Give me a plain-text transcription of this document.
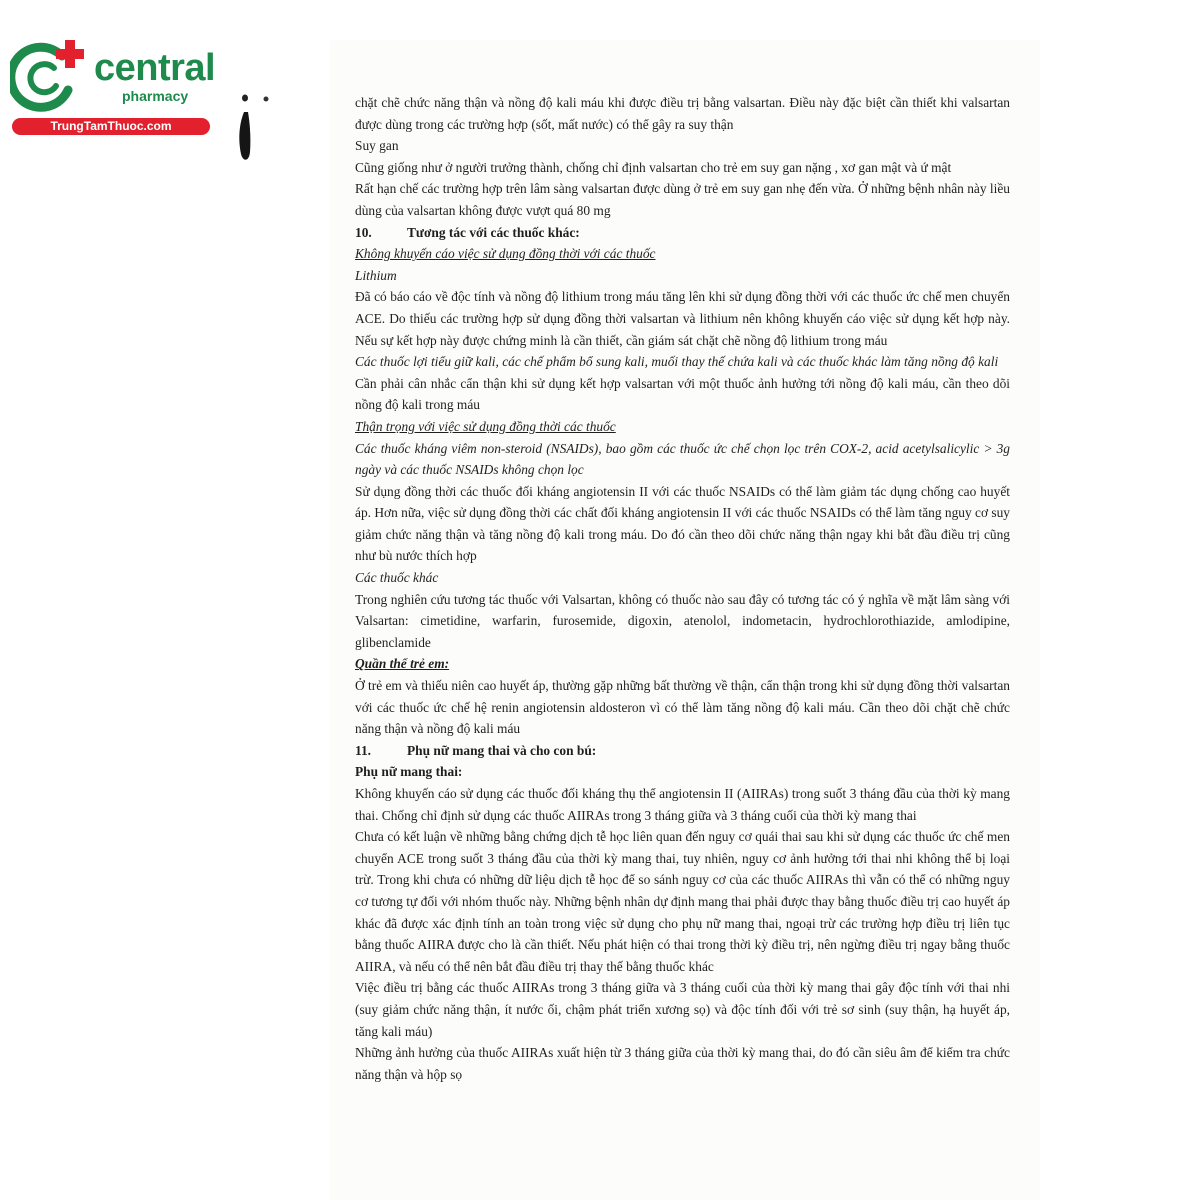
central
pharmacy
TrungTamThuoc.com

chặt chẽ chức năng thận và nồng độ kali máu khi được điều trị bằng valsartan. Điều này đặc biệt cần thiết khi valsartan được dùng trong các trường hợp (sốt, mất nước) có thể gây ra suy thận

Suy gan

Cũng giống như ở người trưởng thành, chống chỉ định valsartan cho trẻ em suy gan nặng , xơ gan mật và ứ mật

Rất hạn chế các trường hợp trên lâm sàng valsartan được dùng ở trẻ em suy gan nhẹ đến vừa. Ở những bệnh nhân này liều dùng của valsartan không được vượt quá 80 mg

10.	Tương tác với các thuốc khác:

Không khuyến cáo việc sử dụng đồng thời với các thuốc

Lithium

Đã có báo cáo về độc tính và nồng độ lithium trong máu tăng lên khi sử dụng đồng thời với các thuốc ức chế men chuyển ACE. Do thiếu các trường hợp sử dụng đồng thời valsartan và lithium nên không khuyến cáo việc sử dụng kết hợp này. Nếu sự kết hợp này được chứng minh là cần thiết, cần giám sát chặt chẽ nồng độ lithium trong máu

Các thuốc lợi tiểu giữ kali, các chế phẩm bổ sung kali, muối thay thế chứa kali và các thuốc khác làm tăng nồng độ kali

Cần phải cân nhắc cẩn thận khi sử dụng kết hợp valsartan với một thuốc ảnh hưởng tới nồng độ kali máu, cần theo dõi nồng độ kali trong máu

Thận trọng với việc sử dụng đồng thời các thuốc

Các thuốc kháng viêm non-steroid (NSAIDs), bao gồm các thuốc ức chế chọn lọc trên COX-2, acid acetylsalicylic > 3g ngày và các thuốc NSAIDs không chọn lọc

Sử dụng đồng thời các thuốc đối kháng angiotensin II với các thuốc NSAIDs có thể làm giảm tác dụng chống cao huyết áp. Hơn nữa, việc sử dụng đồng thời các chất đối kháng angiotensin II với các thuốc NSAIDs có thể làm tăng nguy cơ suy giảm chức năng thận và tăng nồng độ kali trong máu. Do đó cần theo dõi chức năng thận ngay khi bắt đầu điều trị cũng như bù nước thích hợp

Các thuốc khác

Trong nghiên cứu tương tác thuốc với Valsartan, không có thuốc nào sau đây có tương tác có ý nghĩa về mặt lâm sàng với Valsartan: cimetidine, warfarin, furosemide, digoxin, atenolol, indometacin, hydrochlorothiazide, amlodipine, glibenclamide

Quần thể trẻ em:

Ở trẻ em và thiếu niên cao huyết áp, thường gặp những bất thường về thận, cẩn thận trong khi sử dụng đồng thời valsartan với các thuốc ức chế hệ renin angiotensin aldosteron vì có thể làm tăng nồng độ kali máu. Cần theo dõi chặt chẽ chức năng thận và nồng độ kali máu

11.	Phụ nữ mang thai và cho con bú:

Phụ nữ mang thai:

Không khuyến cáo sử dụng các thuốc đối kháng thụ thể angiotensin II (AIIRAs) trong suốt 3 tháng đầu của thời kỳ mang thai. Chống chỉ định sử dụng các thuốc AIIRAs trong 3 tháng giữa và 3 tháng cuối của thời kỳ mang thai

Chưa có kết luận về những bằng chứng dịch tễ học liên quan đến nguy cơ quái thai sau khi sử dụng các thuốc ức chế men chuyển ACE trong suốt 3 tháng đầu của thời kỳ mang thai, tuy nhiên, nguy cơ ảnh hưởng tới thai nhi không thể bị loại trừ. Trong khi chưa có những dữ liệu dịch tễ học để so sánh nguy cơ của các thuốc AIIRAs thì vẫn có thể có những nguy cơ tương tự đối với nhóm thuốc này. Những bệnh nhân dự định mang thai phải được thay bằng thuốc điều trị cao huyết áp khác đã được xác định tính an toàn trong việc sử dụng cho phụ nữ mang thai, ngoại trừ các trường hợp điều trị liên tục bằng thuốc AIIRA được cho là cần thiết. Nếu phát hiện có thai trong thời kỳ điều trị, nên ngừng điều trị ngay bằng thuốc AIIRA, và nếu có thể nên bắt đầu điều trị thay thế bằng thuốc khác

Việc điều trị bằng các thuốc AIIRAs trong 3 tháng giữa và 3 tháng cuối của thời kỳ mang thai gây độc tính với thai nhi (suy giảm chức năng thận, ít nước ối, chậm phát triển xương sọ) và độc tính đối với trẻ sơ sinh (suy thận, hạ huyết áp, tăng kali máu)

Những ảnh hưởng của thuốc AIIRAs xuất hiện từ 3 tháng giữa của thời kỳ mang thai, do đó cần siêu âm để kiểm tra chức năng thận và hộp sọ
